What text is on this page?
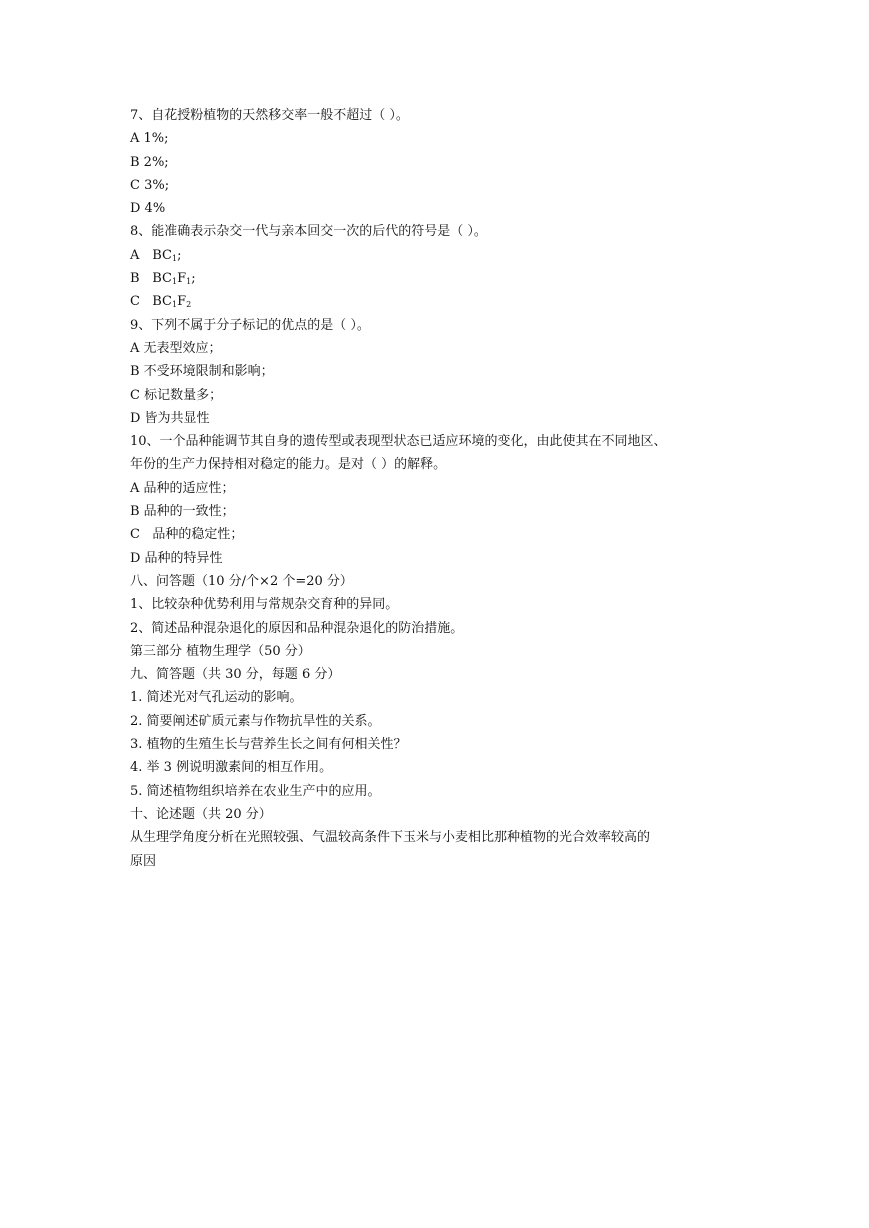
7、自花授粉植物的天然移交率一般不超过（ ）。
A 1%;
B 2%;
C 3%;
D 4%
8、能准确表示杂交一代与亲本回交一次的后代的符号是（ ）。
A $BC_1$;
B $BC_1F_1$;
C $BC_1F_2$
9、下列不属于分子标记的优点的是（ ）。
A 无表型效应；
B 不受环境限制和影响；
C 标记数量多；
D 皆为共显性
10、一个品种能调节其自身的遗传型或表现型状态已适应环境的变化，由此使其在不同地区、
年份的生产力保持相对稳定的能力。是对（ ）的解释。
A 品种的适应性；
B 品种的一致性；
C   品种的稳定性；
D 品种的特异性
八、问答题（10 分/个×2 个=20 分）
1、比较杂种优势利用与常规杂交育种的异同。
2、简述品种混杂退化的原因和品种混杂退化的防治措施。
第三部分 植物生理学（50 分）
九、简答题（共 30 分，每题 6 分）
1. 简述光对气孔运动的影响。
2. 简要阐述矿质元素与作物抗旱性的关系。
3. 植物的生殖生长与营养生长之间有何相关性？
4. 举 3 例说明激素间的相互作用。
5. 简述植物组织培养在农业生产中的应用。
十、论述题（共 20 分）
从生理学角度分析在光照较强、气温较高条件下玉米与小麦相比那种植物的光合效率较高的
原因
